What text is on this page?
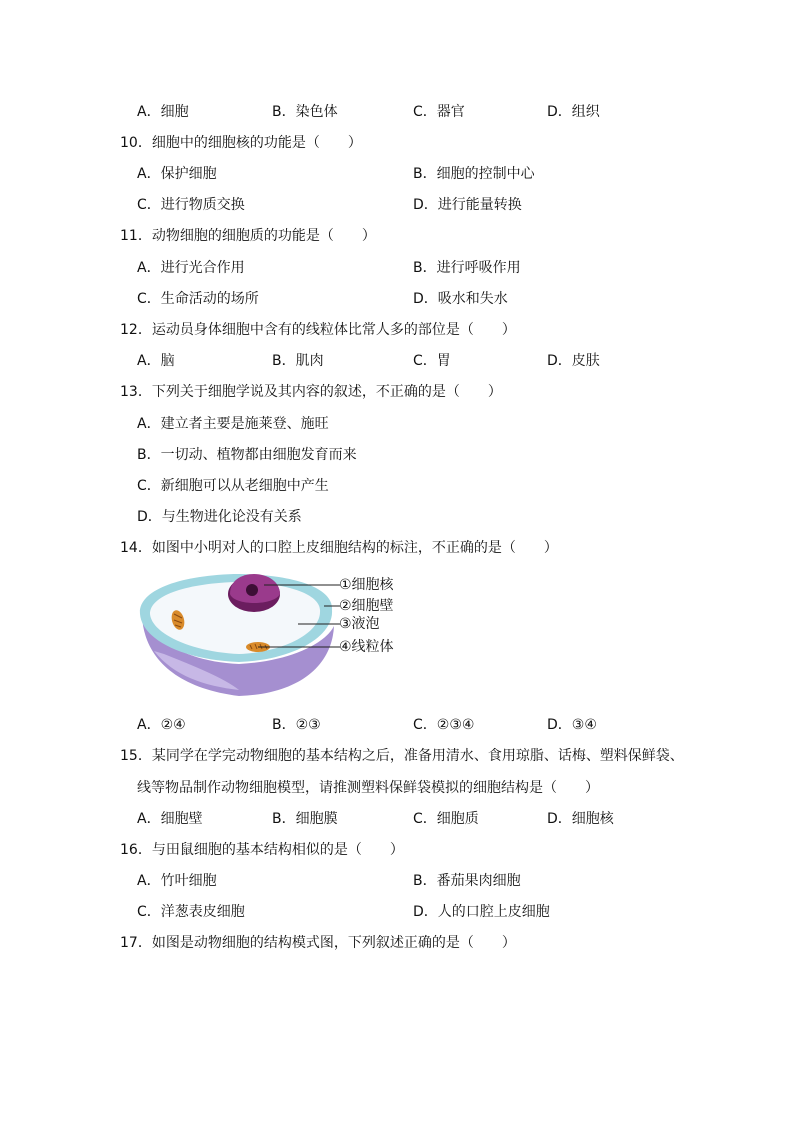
A．细胞	B．染色体	C．器官	D．组织
10．细胞中的细胞核的功能是（　　）
A．保护细胞	B．细胞的控制中心
C．进行物质交换	D．进行能量转换
11．动物细胞的细胞质的功能是（　　）
A．进行光合作用	B．进行呼吸作用
C．生命活动的场所	D．吸水和失水
12．运动员身体细胞中含有的线粒体比常人多的部位是（　　）
A．脑	B．肌肉	C．胃	D．皮肤
13．下列关于细胞学说及其内容的叙述，不正确的是（　　）
A．建立者主要是施莱登、施旺
B．一切动、植物都由细胞发育而来
C．新细胞可以从老细胞中产生
D．与生物进化论没有关系
14．如图中小明对人的口腔上皮细胞结构的标注，不正确的是（　　）
①细胞核
②细胞壁
③液泡
④线粒体
A．②④	B．②③	C．②③④	D．③④
15．某同学在学完动物细胞的基本结构之后，准备用清水、食用琼脂、话梅、塑料保鲜袋、
线等物品制作动物细胞模型，请推测塑料保鲜袋模拟的细胞结构是（　　）
A．细胞壁	B．细胞膜	C．细胞质	D．细胞核
16．与田鼠细胞的基本结构相似的是（　　）
A．竹叶细胞	B．番茄果肉细胞
C．洋葱表皮细胞	D．人的口腔上皮细胞
17．如图是动物细胞的结构模式图，下列叙述正确的是（　　）
